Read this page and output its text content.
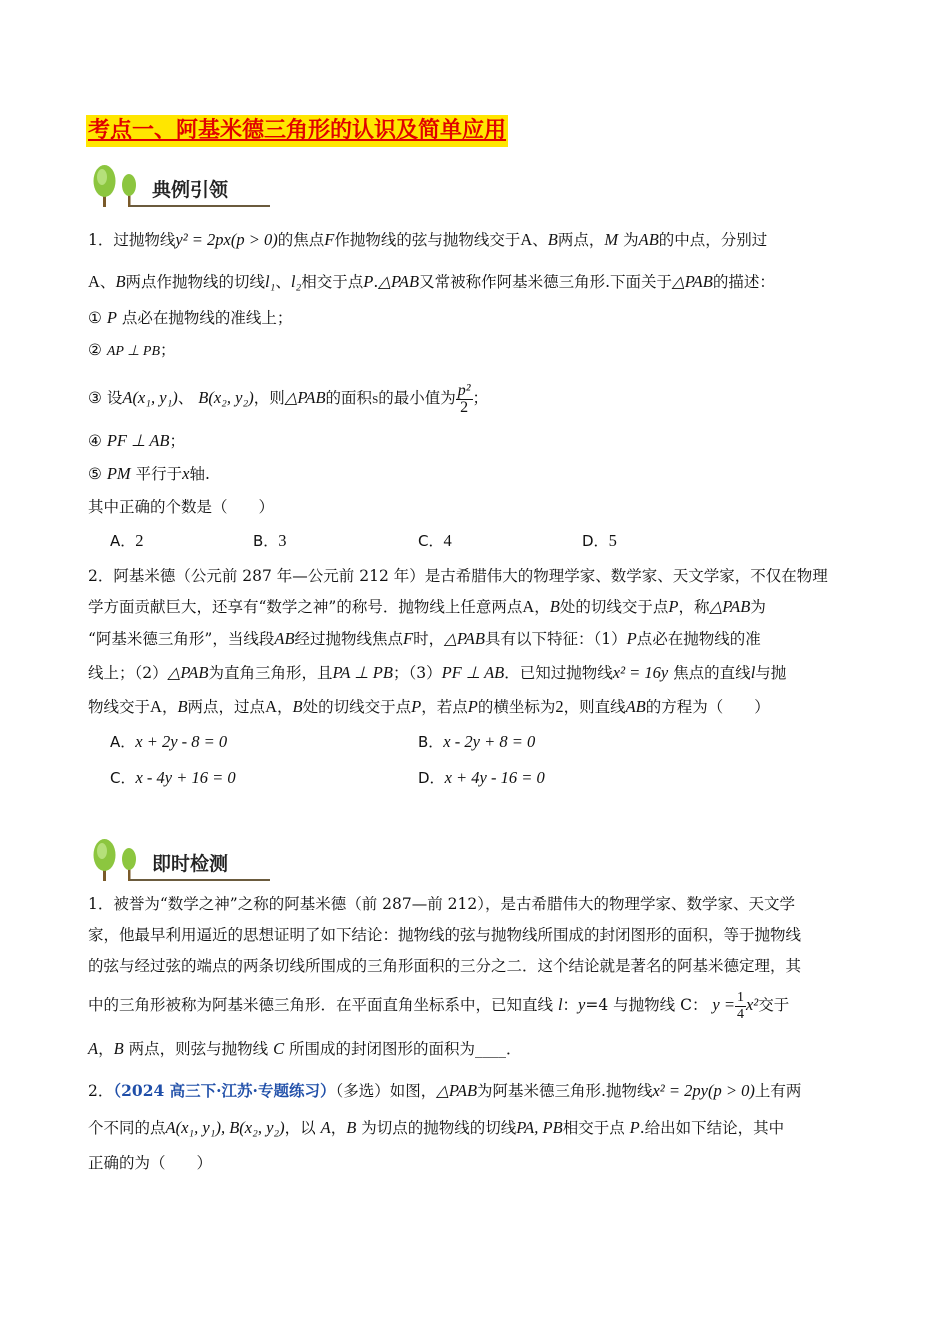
考点一、阿基米德三角形的认识及简单应用
典例引领
1．过抛物线y² = 2px(p > 0)的焦点F作抛物线的弦与抛物线交于A、B两点，M 为AB的中点，分别过
A、B两点作抛物线的切线l₁、l₂相交于点P.△PAB又常被称作阿基米德三角形.下面关于△PAB的描述：
① P 点必在抛物线的准线上；
② AP ⊥ PB；
③ 设A(x₁, y₁)、 B(x₂, y₂)，则△PAB的面积S的最小值为 $\frac{\text{p²}}{2}$ ；
④ PF ⊥ AB；
⑤ PM 平行于x轴.
其中正确的个数是（　　）
A．2	B．3	C．4	D．5
2．阿基米德（公元前 287 年—公元前 212 年）是古希腊伟大的物理学家、数学家、天文学家，不仅在物理
学方面贡献巨大，还享有“数学之神”的称号．抛物线上任意两点A，B处的切线交于点P，称△PAB为
“阿基米德三角形”，当线段AB经过抛物线焦点F时，△PAB具有以下特征：（1）P点必在抛物线的准
线上；（2）△PAB为直角三角形，且PA ⊥ PB；（3）PF ⊥ AB．已知过抛物线x² = 16y 焦点的直线l与抛
物线交于A，B两点，过点A，B处的切线交于点P，若点P的横坐标为2，则直线AB的方程为（　　）
A．x + 2y - 8 = 0	B．x - 2y + 8 = 0
C．x - 4y + 16 = 0	D．x + 4y - 16 = 0
即时检测
1．被誉为“数学之神”之称的阿基米德（前 287—前 212），是古希腊伟大的物理学家、数学家、天文学
家，他最早利用逼近的思想证明了如下结论：抛物线的弦与抛物线所围成的封闭图形的面积，等于抛物线
的弦与经过弦的端点的两条切线所围成的三角形面积的三分之二．这个结论就是著名的阿基米德定理，其
中的三角形被称为阿基米德三角形．在平面直角坐标系中，已知直线 l：y=4 与抛物线 C： $y = \frac{1}{4} x^2$交于
A，B 两点，则弦与抛物线 C 所围成的封闭图形的面积为____．
2．（2024 高三下·江苏·专题练习）（多选）如图，△PAB为阿基米德三角形.抛物线x² = 2py(p > 0)上有两
个不同的点A(x₁, y₁), B(x₂, y₂)，以 A，B 为切点的抛物线的切线PA, PB相交于点 P.给出如下结论，其中
正确的为（　　）
